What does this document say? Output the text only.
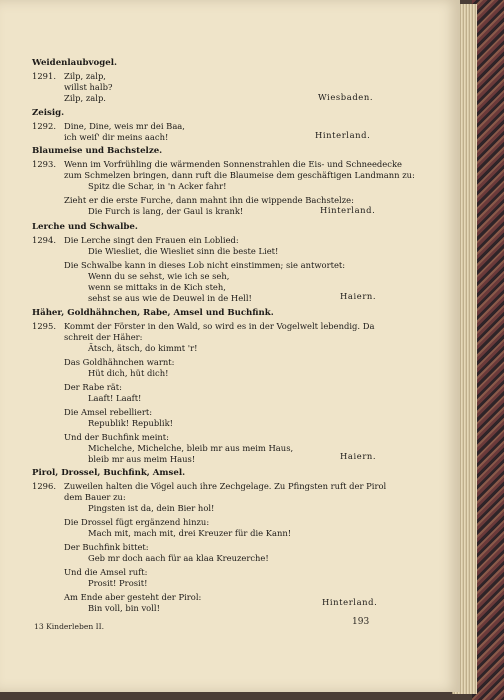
Weidenlaubvogel.
1291. Zilp, zalp,
willst halb?
Zilp, zalp.	Wiesbaden.
Zeisig.
1292. Dine, Dine, weis mr dei Baa,
ich weiſ' dir meins aach!	Hinterland.
Blaumeise und Bachstelze.
1293. Wenn im Vorfrühling die wärmenden Sonnenstrahlen die Eis- und Schneedecke
zum Schmelzen bringen, dann ruft die Blaumeise dem geschäftigen Landmann zu:
Spitz die Schar, in 'n Acker fahr!
Zieht er die erste Furche, dann mahnt ihn die wippende Bachstelze:
Die Furch is lang, der Gaul is krank!	Hinterland.
Lerche und Schwalbe.
1294. Die Lerche singt den Frauen ein Loblied:
Die Wiesliet, die Wiesliet sinn die beste Liet!
Die Schwalbe kann in dieses Lob nicht einstimmen; sie antwortet:
Wenn du se sehst, wie ich se seh,
wenn se mittaks in de Kich steh,
sehst se aus wie de Deuwel in de Hell!	Haiern.
Häher, Goldhähnchen, Rabe, Amsel und Buchfink.
1295. Kommt der Förster in den Wald, so wird es in der Vogelwelt lebendig. Da
schreit der Häher:
Ätsch, ätsch, do kimmt 'r!
Das Goldhähnchen warnt:
Hüt dich, hüt dich!
Der Rabe rät:
Laaft! Laaft!
Die Amsel rebelliert:
Republik! Republik!
Und der Buchfink meint:
Michelche, Michelche, bleib mr aus meim Haus,
bleib mr aus meim Haus!	Haiern.
Pirol, Drossel, Buchfink, Amsel.
1296. Zuweilen halten die Vögel auch ihre Zechgelage. Zu Pfingsten ruft der Pirol
dem Bauer zu:
Pingsten ist da, dein Bier hol!
Die Drossel fügt ergänzend hinzu:
Mach mit, mach mit, drei Kreuzer für die Kann!
Der Buchfink bittet:
Geb mr doch aach für aa klaa Kreuzerche!
Und die Amsel ruft:
Prosit! Prosit!
Am Ende aber gesteht der Pirol:
Bin voll, bin voll!
Hinterland.
13 Kinderleben II.	193
